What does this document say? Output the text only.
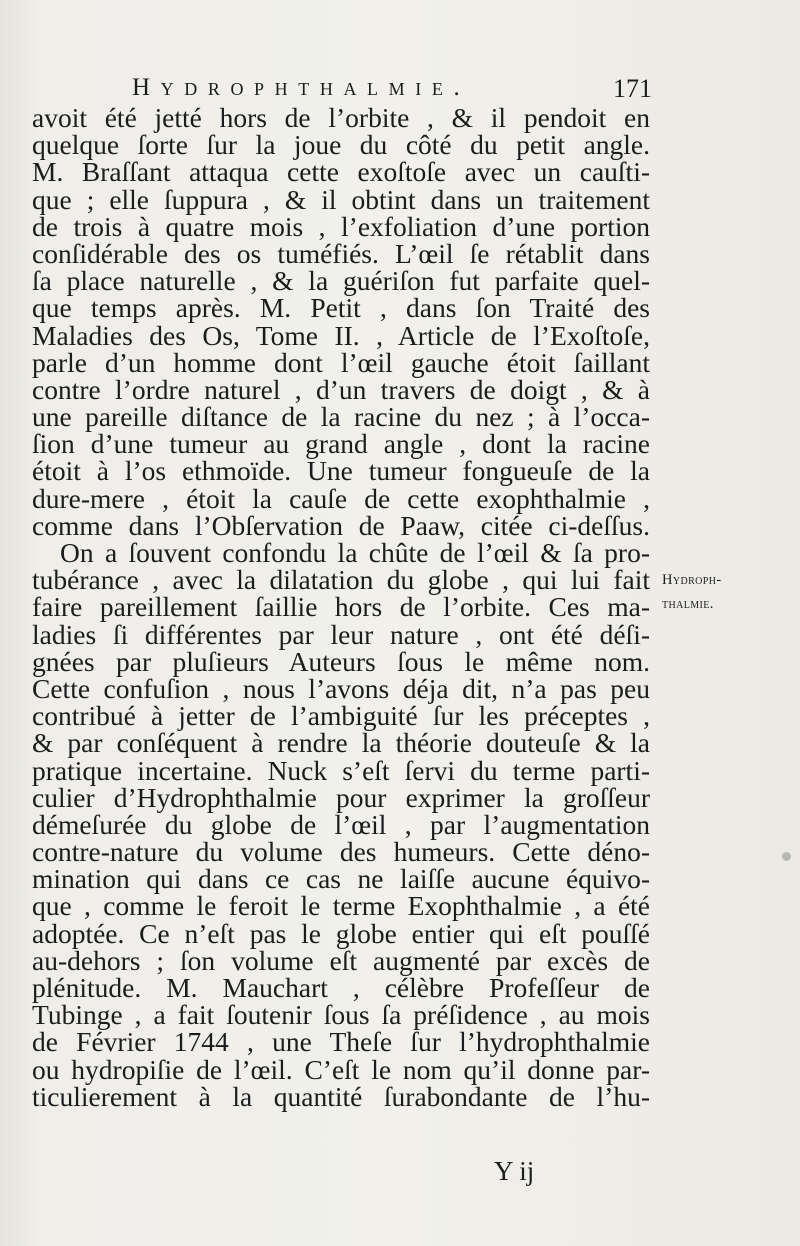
Hydrophthalmie.	171
avoit été jetté hors de l’orbite , & il pendoit en
quelque ſorte ſur la joue du côté du petit angle.
M. Braſſant attaqua cette exoſtoſe avec un cauſti-
que ; elle ſuppura , & il obtint dans un traitement
de trois à quatre mois , l’exfoliation d’une portion
conſidérable des os tuméfiés. L’œil ſe rétablit dans
ſa place naturelle , & la guériſon fut parfaite quel-
que temps après. M. Petit , dans ſon Traité des
Maladies des Os, Tome II. , Article de l’Exoſtoſe,
parle d’un homme dont l’œil gauche étoit ſaillant
contre l’ordre naturel , d’un travers de doigt , & à
une pareille diſtance de la racine du nez ; à l’occa-
ſion d’une tumeur au grand angle , dont la racine
étoit à l’os ethmoïde. Une tumeur fongueuſe de la
dure-mere , étoit la cauſe de cette exophthalmie ,
comme dans l’Obſervation de Paaw, citée ci-deſſus.
On a ſouvent confondu la chûte de l’œil & ſa pro-
tubérance , avec la dilatation du globe , qui lui fait
faire pareillement ſaillie hors de l’orbite. Ces ma-
ladies ſi différentes par leur nature , ont été déſi-
gnées par pluſieurs Auteurs ſous le même nom.
Cette confuſion , nous l’avons déja dit, n’a pas peu
contribué à jetter de l’ambiguité ſur les préceptes ,
& par conſéquent à rendre la théorie douteuſe & la
pratique incertaine. Nuck s’eſt ſervi du terme parti-
culier d’Hydrophthalmie pour exprimer la groſſeur
démeſurée du globe de l’œil , par l’augmentation
contre-nature du volume des humeurs. Cette déno-
mination qui dans ce cas ne laiſſe aucune équivo-
que , comme le feroit le terme Exophthalmie , a été
adoptée. Ce n’eſt pas le globe entier qui eſt pouſſé
au-dehors ; ſon volume eſt augmenté par excès de
plénitude. M. Mauchart , célèbre Profeſſeur de
Tubinge , a fait ſoutenir ſous ſa préſidence , au mois
de Février 1744 , une Theſe ſur l’hydrophthalmie
ou hydropiſie de l’œil. C’eſt le nom qu’il donne par-
ticulierement à la quantité ſurabondante de l’hu-
Hydroph-
thalmie.
Y ij
